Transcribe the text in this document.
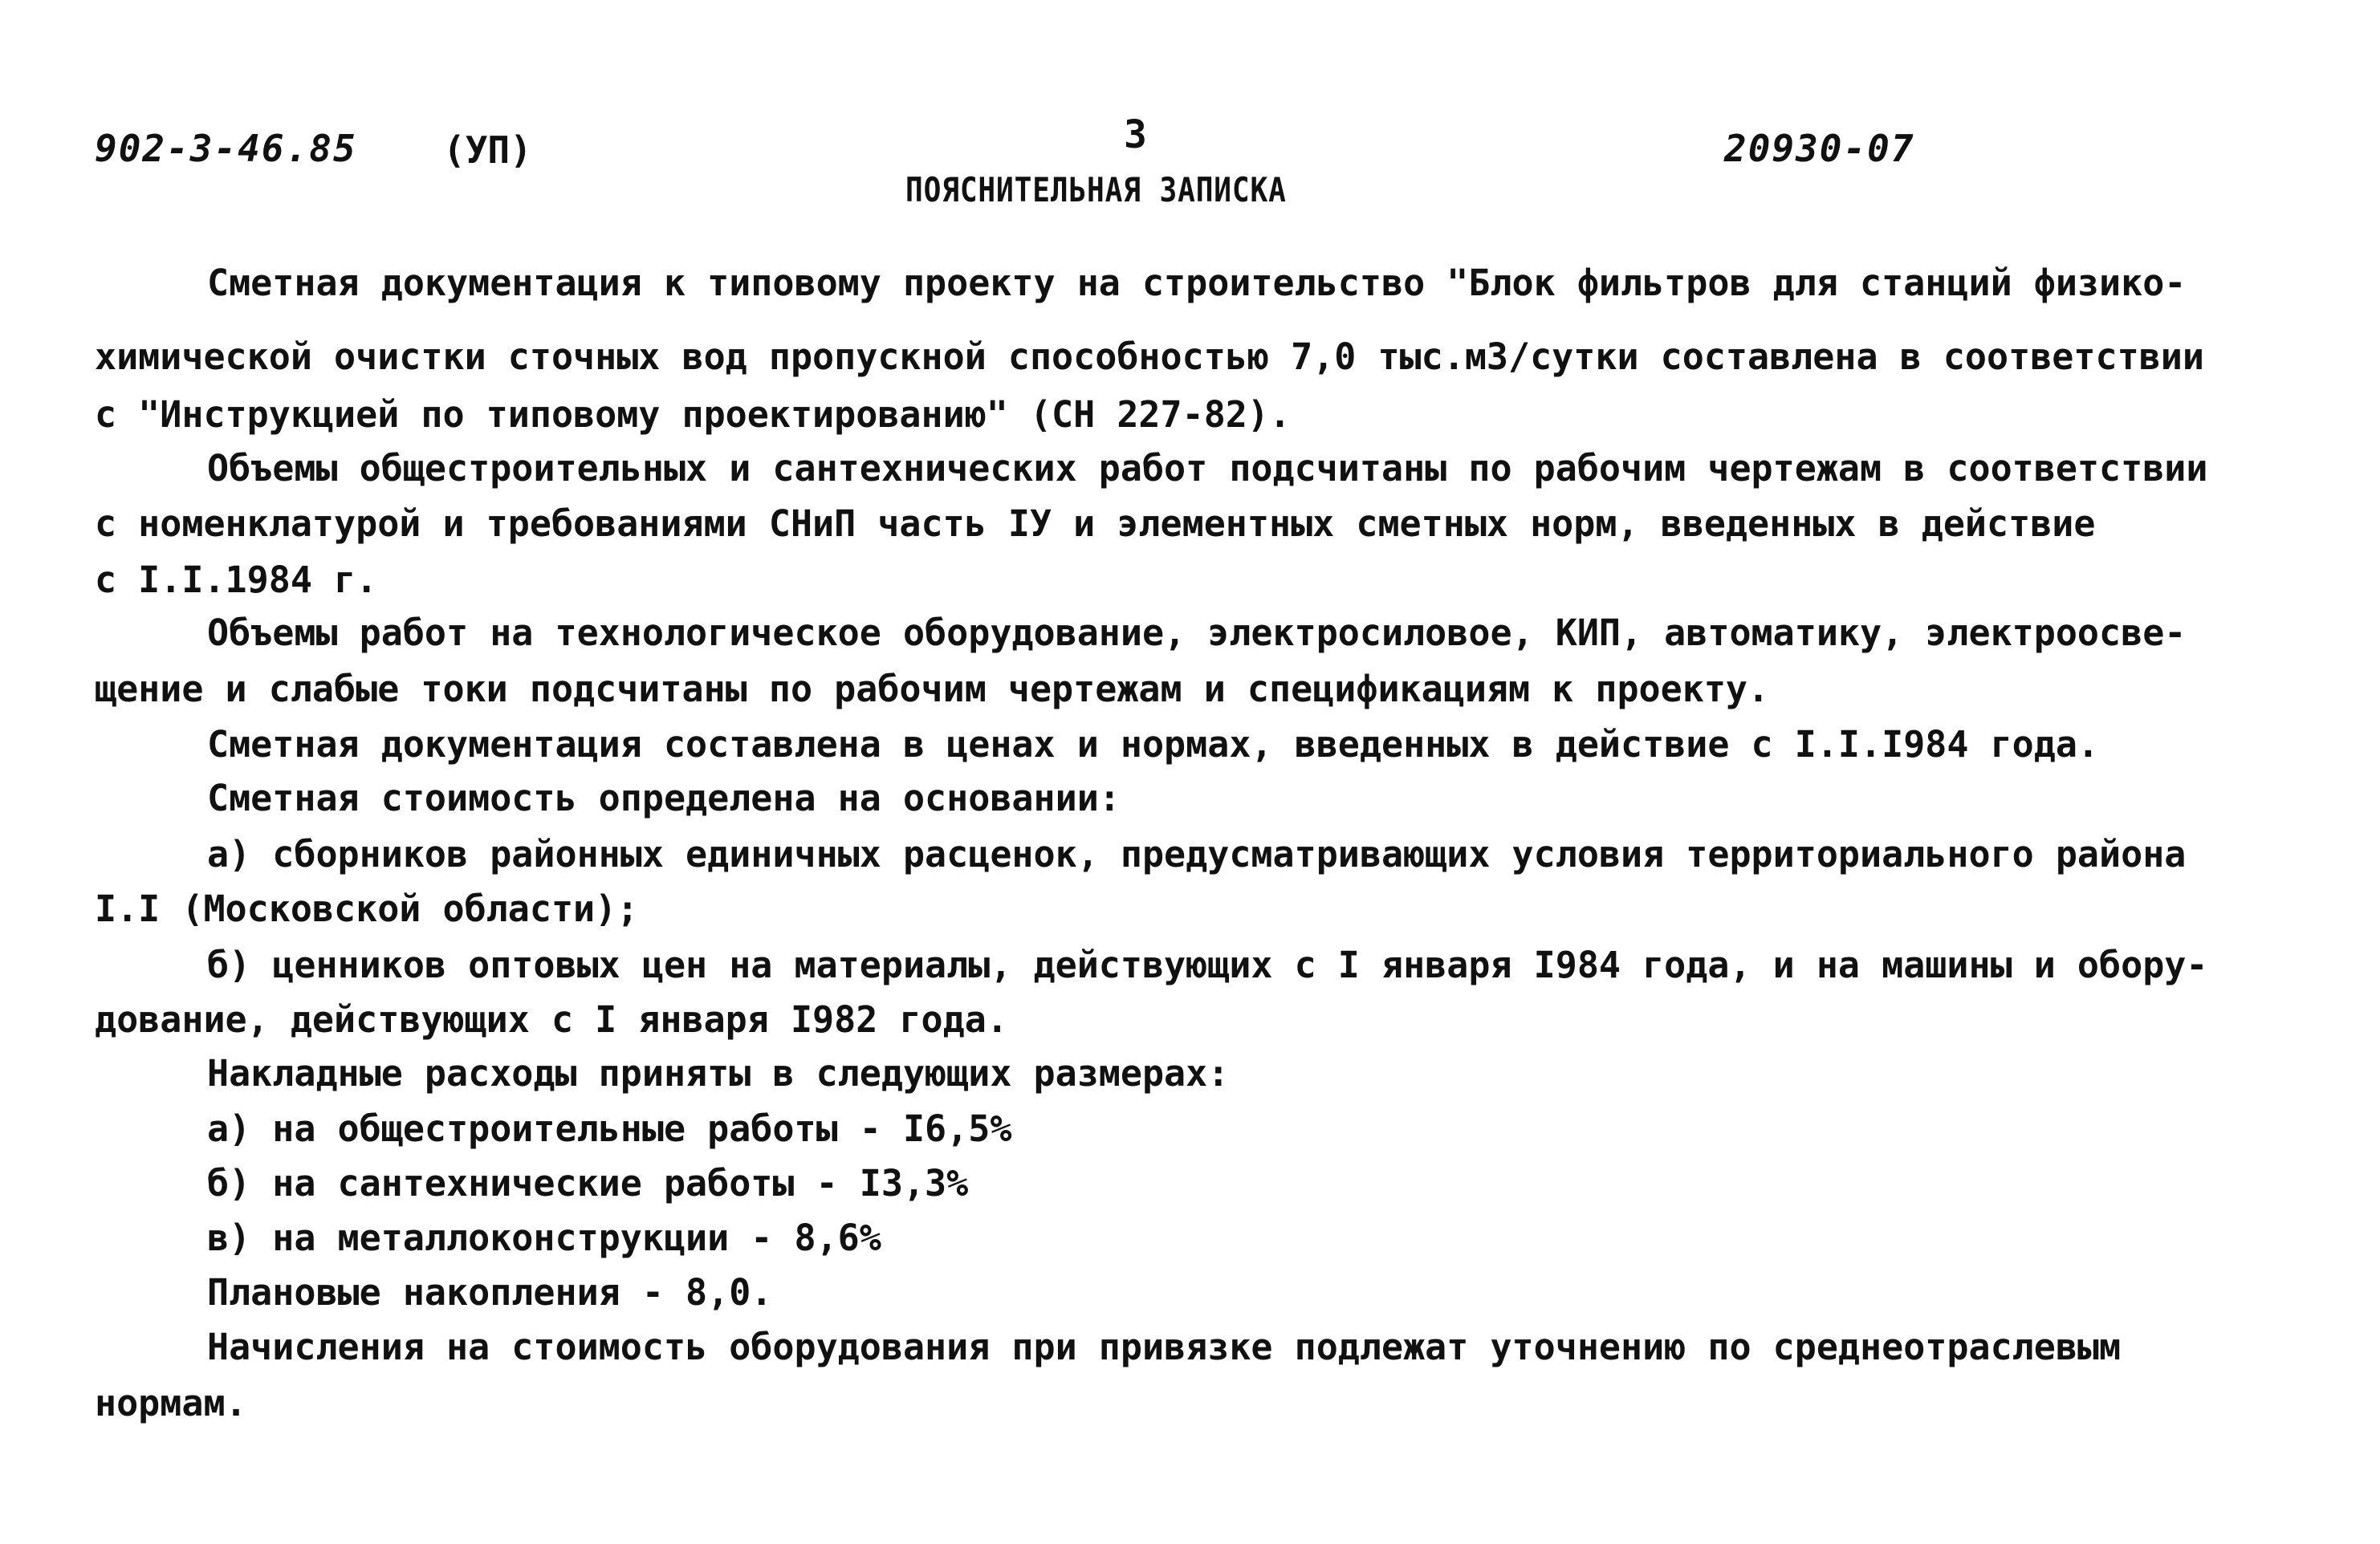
902-3-46.85 (УП)	3	20930-07
ПОЯСНИТЕЛЬНАЯ ЗАПИСКА
Сметная документация к типовому проекту на строительство "Блок фильтров для станций физико-
химической очистки сточных вод пропускной способностью 7,0 тыс.м3/сутки составлена в соответствии
с "Инструкцией по типовому проектированию" (СН 227-82).
Объемы общестроительных и сантехнических работ подсчитаны по рабочим чертежам в соответствии
с номенклатурой и требованиями СНиП часть IУ и элементных сметных норм, введенных в действие
с I.I.1984 г.
Объемы работ на технологическое оборудование, электросиловое, КИП, автоматику, электроосве-
щение и слабые токи подсчитаны по рабочим чертежам и спецификациям к проекту.
Сметная документация составлена в ценах и нормах, введенных в действие с I.I.I984 года.
Сметная стоимость определена на основании:
а) сборников районных единичных расценок, предусматривающих условия территориального района
I.I (Московской области);
б) ценников оптовых цен на материалы, действующих с I января I984 года, и на машины и обору-
дование, действующих с I января I982 года.
Накладные расходы приняты в следующих размерах:
а) на общестроительные работы - I6,5%
б) на сантехнические работы - I3,3%
в) на металлоконструкции - 8,6%
Плановые накопления - 8,0.
Начисления на стоимость оборудования при привязке подлежат уточнению по среднеотраслевым
нормам.
